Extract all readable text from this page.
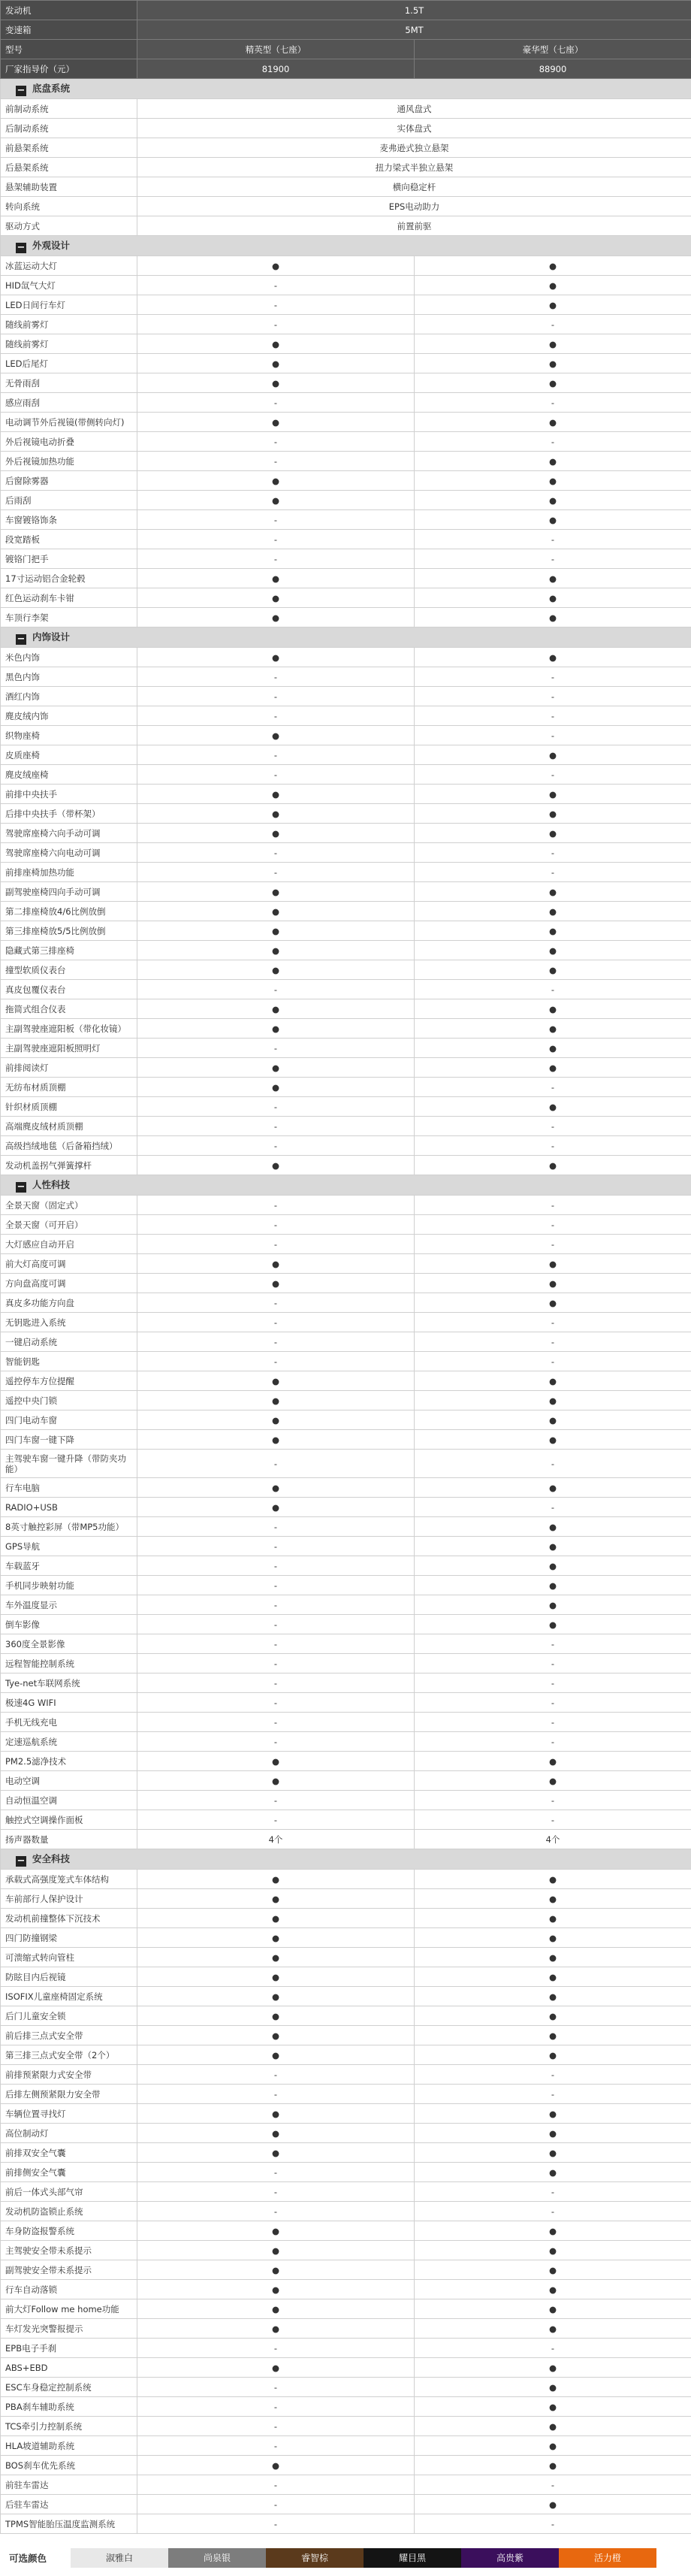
发动机	1.5T	
变速箱	5MT	
型号	精英型（七座）	豪华型（七座）
厂家指导价（元）	81900	88900
− 底盘系统		
前制动系统	通风盘式	
后制动系统	实体盘式	
前悬架系统	麦弗逊式独立悬架	
后悬架系统	扭力梁式半独立悬架	
悬架辅助装置	横向稳定杆	
转向系统	EPS电动助力	
驱动方式	前置前驱	
− 外观设计		
冰蓝运动大灯	●	●
HID氙气大灯	-	●
LED日间行车灯	-	●
随线前雾灯	-	-
随线前雾灯	●	●
LED后尾灯	●	●
无骨雨刮	●	●
感应雨刮	-	-
电动调节外后视镜(带侧转向灯)	●	●
外后视镜电动折叠	-	-
外后视镜加热功能	-	●
后窗除雾器	●	●
后雨刮	●	●
车窗镀铬饰条	-	●
段宽踏板	-	-
镀铬门把手	-	-
17寸运动铝合金轮毂	●	●
红色运动刹车卡钳	●	●
车顶行李架	●	●
− 内饰设计		
米色内饰	●	●
黑色内饰	-	-
酒红内饰	-	-
麂皮绒内饰	-	-
织物座椅	●	-
皮质座椅	-	●
麂皮绒座椅	-	-
前排中央扶手	●	●
后排中央扶手（带杯架）	●	●
驾驶席座椅六向手动可调	●	●
驾驶席座椅六向电动可调	-	-
前排座椅加热功能	-	-
副驾驶座椅四向手动可调	●	●
第二排座椅放4/6比例放倒	●	●
第三排座椅放5/5比例放倒	●	●
隐藏式第三排座椅	●	●
撞型软质仪表台	●	●
真皮包覆仪表台	-	-
拖简式组合仪表	●	●
主副驾驶座遮阳板（带化妆镜）	●	●
主副驾驶座遮阳板照明灯	-	●
前排阅读灯	●	●
无纺布材质顶棚	●	-
针织材质顶棚	-	●
高端麂皮绒材质顶棚	-	-
高级挡绒地毯（后备箱挡绒）	-	-
发动机盖拐气弹簧撑杆	●	●
− 人性科技		
全景天窗（固定式）	-	-
全景天窗（可开启）	-	-
大灯感应自动开启	-	-
前大灯高度可调	●	●
方向盘高度可调	●	●
真皮多功能方向盘	-	●
无钥匙进入系统	-	-
一键启动系统	-	-
智能钥匙	-	-
遥控停车方位提醒	●	●
遥控中央门锁	●	●
四门电动车窗	●	●
四门车窗一键下降	●	●
主驾驶车窗一键升降（带防夹功能）	-	-
行车电脑	●	●
RADIO+USB	●	-
8英寸触控彩屏（带MP5功能）	-	●
GPS导航	-	●
车载蓝牙	-	●
手机同步映射功能	-	●
车外温度显示	-	●
倒车影像	-	●
360度全景影像	-	-
远程智能控制系统	-	-
Tye-net车联网系统	-	-
极速4G WIFI	-	-
手机无线充电	-	-
定速巡航系统	-	-
PM2.5滤净技术	●	●
电动空调	●	●
自动恒温空调	-	-
触控式空调操作面板	-	-
扬声器数量	4个	4个
− 安全科技		
承载式高强度笼式车体结构	●	●
车前部行人保护设计	●	●
发动机前撞整体下沉技术	●	●
四门防撞钢梁	●	●
可溃缩式转向管柱	●	●
防眩目内后视镜	●	●
ISOFIX儿童座椅固定系统	●	●
后门儿童安全锁	●	●
前后排三点式安全带	●	●
第三排三点式安全带（2个）	●	●
前排预紧限力式安全带	-	-
后排左侧预紧限力安全带	-	-
车辆位置寻找灯	●	●
高位制动灯	●	●
前排双安全气囊	●	●
前排侧安全气囊	-	●
前后一体式头部气帘	-	-
发动机防盗锁止系统	-	-
车身防盗报警系统	●	●
主驾驶安全带未系提示	●	●
副驾驶安全带未系提示	●	●
行车自动落锁	●	●
前大灯Follow me home功能	●	●
车灯发光突警报提示	●	●
EPB电子手刹	-	-
ABS+EBD	●	●
ESC车身稳定控制系统	-	●
PBA刹车辅助系统	-	●
TCS牵引力控制系统	-	●
HLA坡道辅助系统	-	●
BOS刹车优先系统	●	●
前驻车雷达	-	-
后驻车雷达	-	●
TPMS智能胎压温度监测系统	-	-
可选颜色	淑雅白	尚泉银	睿智棕	耀目黑	高贵紫	活力橙
